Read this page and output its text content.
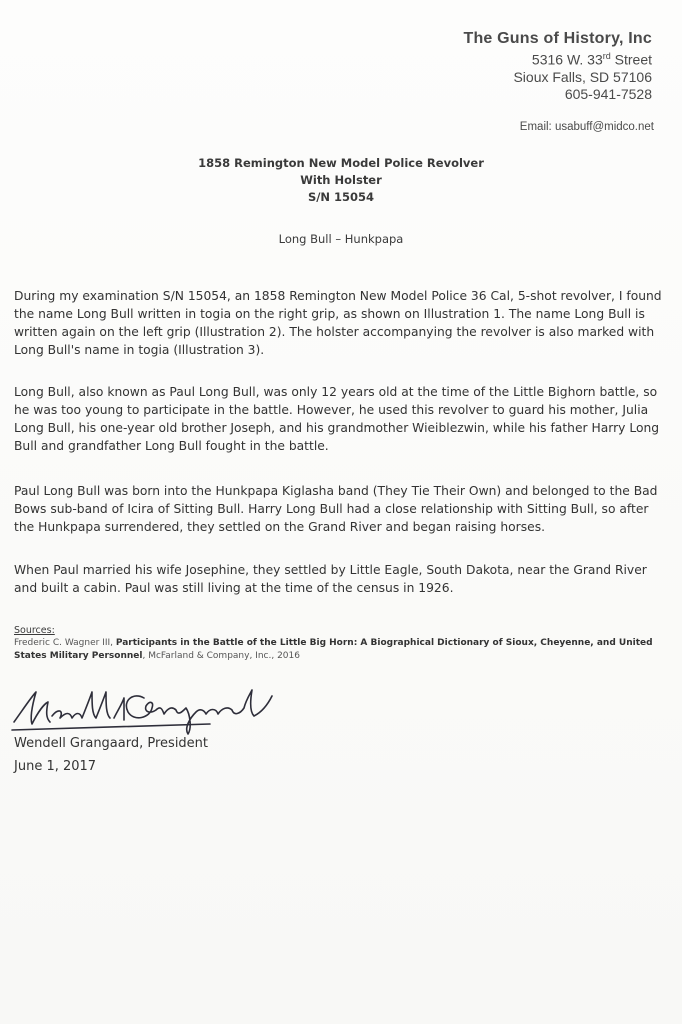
The Guns of History, Inc
5316 W. 33rd Street
Sioux Falls, SD 57106
605-941-7528
Email: usabuff@midco.net
1858 Remington New Model Police Revolver
With Holster
S/N 15054
Long Bull – Hunkpapa
During my examination S/N 15054, an 1858 Remington New Model Police 36 Cal, 5-shot revolver, I found the name Long Bull written in togia on the right grip, as shown on Illustration 1. The name Long Bull is written again on the left grip (Illustration 2). The holster accompanying the revolver is also marked with Long Bull's name in togia (Illustration 3).
Long Bull, also known as Paul Long Bull, was only 12 years old at the time of the Little Bighorn battle, so he was too young to participate in the battle. However, he used this revolver to guard his mother, Julia Long Bull, his one-year old brother Joseph, and his grandmother Wieiblezwin, while his father Harry Long Bull and grandfather Long Bull fought in the battle.
Paul Long Bull was born into the Hunkpapa Kiglasha band (They Tie Their Own) and belonged to the Bad Bows sub-band of Icira of Sitting Bull. Harry Long Bull had a close relationship with Sitting Bull, so after the Hunkpapa surrendered, they settled on the Grand River and began raising horses.
When Paul married his wife Josephine, they settled by Little Eagle, South Dakota, near the Grand River and built a cabin. Paul was still living at the time of the census in 1926.
Sources:
Frederic C. Wagner III, Participants in the Battle of the Little Big Horn: A Biographical Dictionary of Sioux, Cheyenne, and United States Military Personnel, McFarland & Company, Inc., 2016
Wendell Grangaard, President
June 1, 2017
